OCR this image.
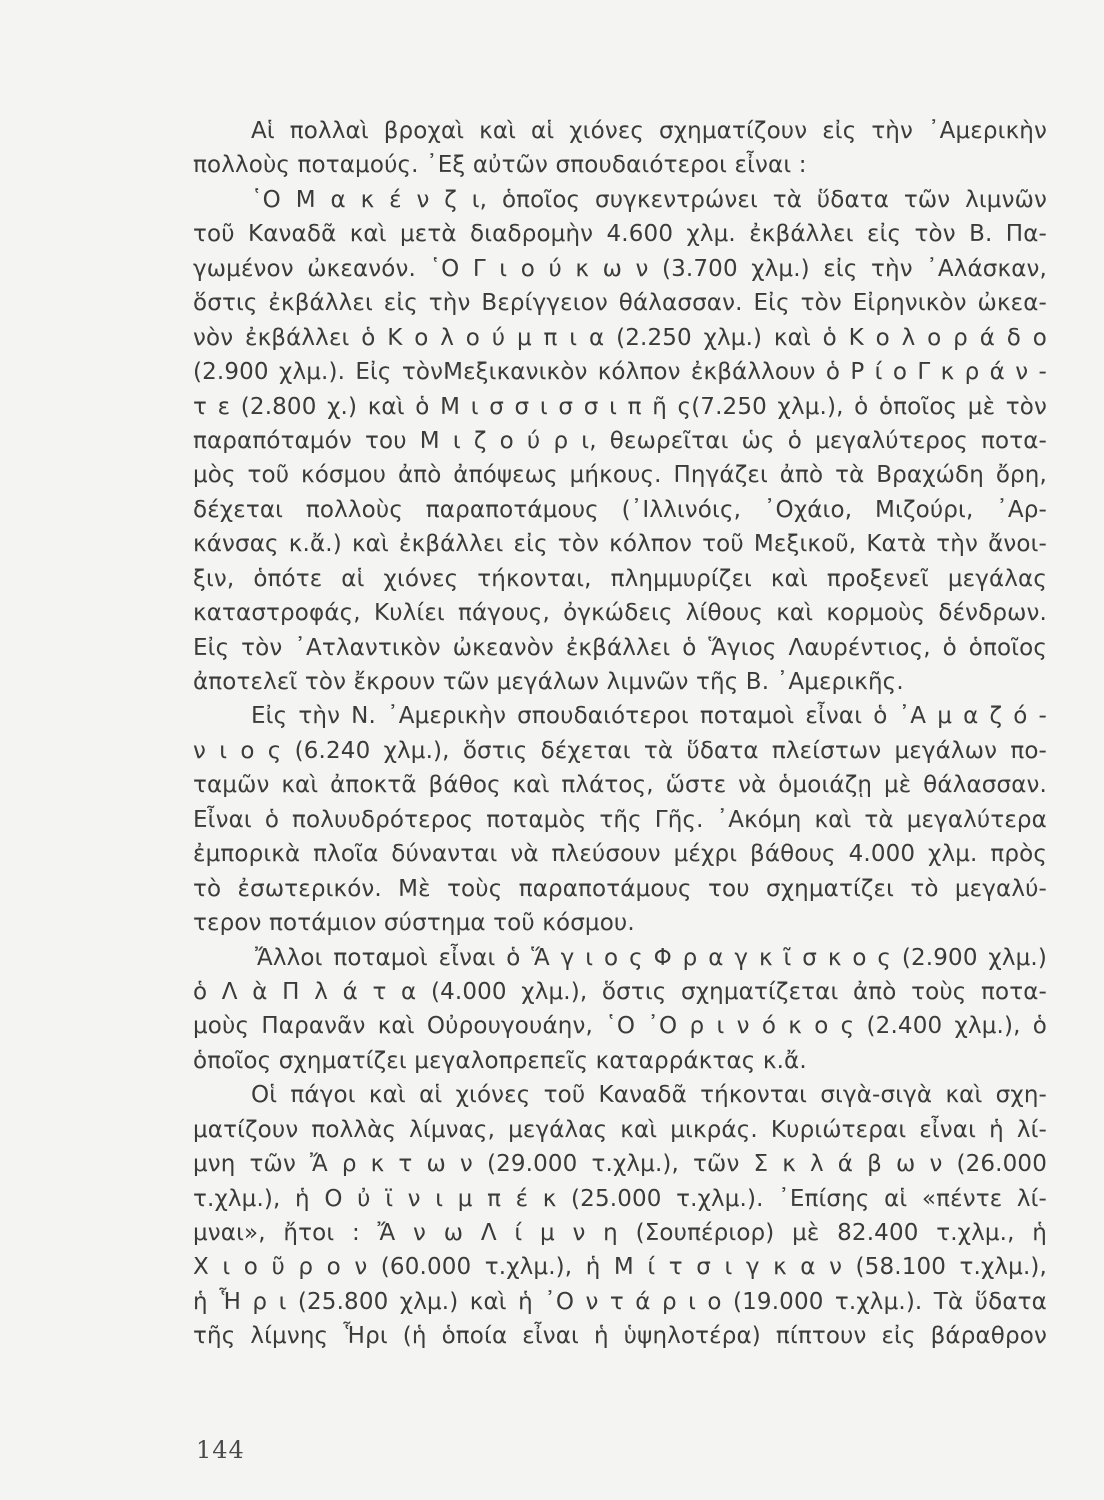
Αἱ πολλαὶ βροχαὶ καὶ αἱ χιόνες σχηματίζουν εἰς τὴν ᾿Αμερικὴν
πολλοὺς ποταμούς. ᾿Εξ αὐτῶν σπουδαιότεροι εἶναι :
῾Ο Μ α κ έ ν ζ ι, ὁποῖος συγκεντρώνει τὰ ὕδατα τῶν λιμνῶν
τοῦ Καναδᾶ καὶ μετὰ διαδρομὴν 4.600 χλμ. ἐκβάλλει εἰς τὸν Β. Πα-
γωμένον ὠκεανόν. ῾Ο Γ ι ο ύ κ ω ν (3.700 χλμ.) εἰς τὴν ᾿Αλάσκαν,
ὅστις ἐκβάλλει εἰς τὴν Βερίγγειον θάλασσαν. Εἰς τὸν Εἰρηνικὸν ὠκεα-
νὸν ἐκβάλλει ὁ Κ ο λ ο ύ μ π ι α (2.250 χλμ.) καὶ ὁ Κ ο λ ο ρ ά δ ο
(2.900 χλμ.). Εἰς τὸνΜεξικανικὸν κόλπον ἐκβάλλουν ὁ Ρ ί ο Γ κ ρ ά ν -
τ ε (2.800 χ.) καὶ ὁ Μ ι σ σ ι σ σ ι π ῆ ς(7.250 χλμ.), ὁ ὁποῖος μὲ τὸν
παραπόταμόν του Μ ι ζ ο ύ ρ ι, θεωρεῖται ὡς ὁ μεγαλύτερος ποτα-
μὸς τοῦ κόσμου ἀπὸ ἀπόψεως μήκους. Πηγάζει ἀπὸ τὰ Βραχώδη ὄρη,
δέχεται πολλοὺς παραποτάμους (᾿Ιλλινόις, ᾿Οχάιο, Μιζούρι, ᾿Αρ-
κάνσας κ.ἄ.) καὶ ἐκβάλλει εἰς τὸν κόλπον τοῦ Μεξικοῦ, Κατὰ τὴν ἄνοι-
ξιν, ὁπότε αἱ χιόνες τήκονται, πλημμυρίζει καὶ προξενεῖ μεγάλας
καταστροφάς, Κυλίει πάγους, ὀγκώδεις λίθους καὶ κορμοὺς δένδρων.
Εἰς τὸν ᾿Ατλαντικὸν ὠκεανὸν ἐκβάλλει ὁ Ἅγιος Λαυρέντιος, ὁ ὁποῖος
ἀποτελεῖ τὸν ἔκρουν τῶν μεγάλων λιμνῶν τῆς Β. ᾿Αμερικῆς.
Εἰς τὴν Ν. ᾿Αμερικὴν σπουδαιότεροι ποταμοὶ εἶναι ὁ ᾿Α μ α ζ ό -
ν ι ο ς (6.240 χλμ.), ὅστις δέχεται τὰ ὕδατα πλείστων μεγάλων πο-
ταμῶν καὶ ἀποκτᾶ βάθος καὶ πλάτος, ὥστε νὰ ὁμοιάζῃ μὲ θάλασσαν.
Εἶναι ὁ πολυυδρότερος ποταμὸς τῆς Γῆς. ᾿Ακόμη καὶ τὰ μεγαλύτερα
ἐμπορικὰ πλοῖα δύνανται νὰ πλεύσουν μέχρι βάθους 4.000 χλμ. πρὸς
τὸ ἐσωτερικόν. Μὲ τοὺς παραποτάμους του σχηματίζει τὸ μεγαλύ-
τερον ποτάμιον σύστημα τοῦ κόσμου.
Ἄλλοι ποταμοὶ εἶναι ὁ Ἅ γ ι ο ς Φ ρ α γ κ ῖ σ κ ο ς (2.900 χλμ.)
ὁ Λ ὰ Π λ ά τ α (4.000 χλμ.), ὅστις σχηματίζεται ἀπὸ τοὺς ποτα-
μοὺς Παρανᾶν καὶ Οὐρουγουάην, ῾Ο ᾿Ο ρ ι ν ό κ ο ς (2.400 χλμ.), ὁ
ὁποῖος σχηματίζει μεγαλοπρεπεῖς καταρράκτας κ.ἄ.
Οἱ πάγοι καὶ αἱ χιόνες τοῦ Καναδᾶ τήκονται σιγὰ-σιγὰ καὶ σχη-
ματίζουν πολλὰς λίμνας, μεγάλας καὶ μικράς. Κυριώτεραι εἶναι ἡ λί-
μνη τῶν Ἄ ρ κ τ ω ν (29.000 τ.χλμ.), τῶν Σ κ λ ά β ω ν (26.000
τ.χλμ.), ἡ Ο ὐ ϊ ν ι μ π έ κ (25.000 τ.χλμ.). ᾿Επίσης αἱ «πέντε λί-
μναι», ἤτοι : Ἄ ν ω Λ ί μ ν η (Σουπέριορ) μὲ 82.400 τ.χλμ., ἡ
Χ ι ο ῦ ρ ο ν (60.000 τ.χλμ.), ἡ Μ ί τ σ ι γ κ α ν (58.100 τ.χλμ.),
ἡ Ἧ ρ ι (25.800 χλμ.) καὶ ἡ ᾿Ο ν τ ά ρ ι ο (19.000 τ.χλμ.). Τὰ ὕδατα
τῆς λίμνης Ἧρι (ἡ ὁποία εἶναι ἡ ὑψηλοτέρα) πίπτουν εἰς βάραθρον
144
